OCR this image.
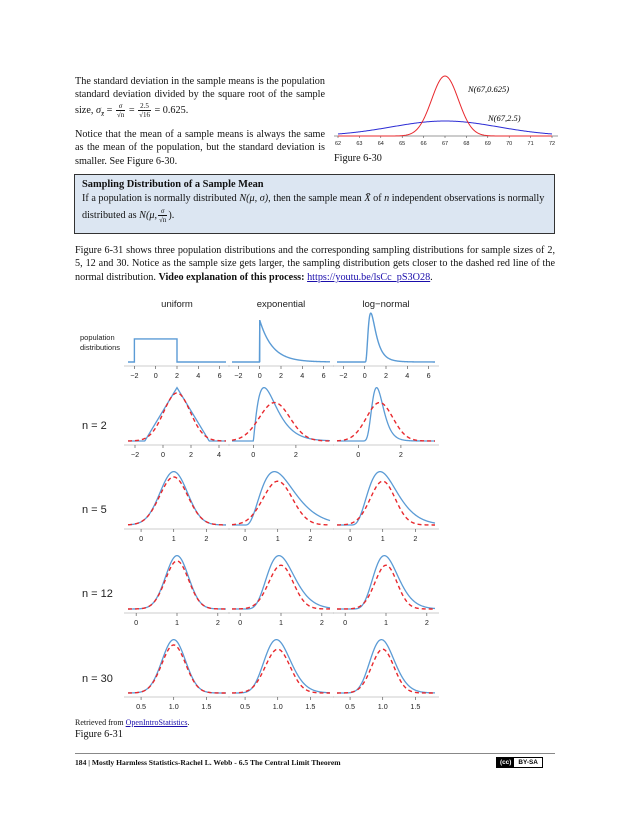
The standard deviation in the sample means is the population standard deviation divided by the square root of the sample size, $\sigma_{x̄} = \frac{\sigma}{√n} = \frac{2.5}{√16} = 0.625$.
Notice that the mean of a sample means is always the same as the mean of the population, but the standard deviation is smaller. See Figure 6-30.
62	63	64	65	66	67	68	69	70	71	72
N(67,0.625)
N(67,2.5)
Figure 6-30
Sampling Distribution of a Sample Mean
If a population is normally distributed N(μ, σ), then the sample mean X̄ of n independent observations is normally distributed as N(μ, $\frac{\sigma}{√n}$ ).
Figure 6-31 shows three population distributions and the corresponding sampling distributions for sample sizes of 2, 5, 12 and 30. Notice as the sample size gets larger, the sampling distribution gets closer to the dashed red line of the normal distribution. Video explanation of this process: https://youtu.be/lsCc_pS3O28.
uniform	exponential	log−normal
population
distributions
n = 2
n = 5
n = 12
n = 30
−2 0 2 4 6 −2 0 2 4 6 −2 0 2 4 6
−2	0	2	4	0	2	0	2
0	1	2	0	1	2	0	1	2
0	1	2	0	1	2	0	1	2
0.5	1.0	1.5	0.5	1.0	1.5	0.5	1.0	1.5
Retrieved from OpenIntroStatistics.
Figure 6-31
184 | Mostly Harmless Statistics-Rachel L. Webb - 6.5 The Central Limit Theorem	(cc)	BY-SA
